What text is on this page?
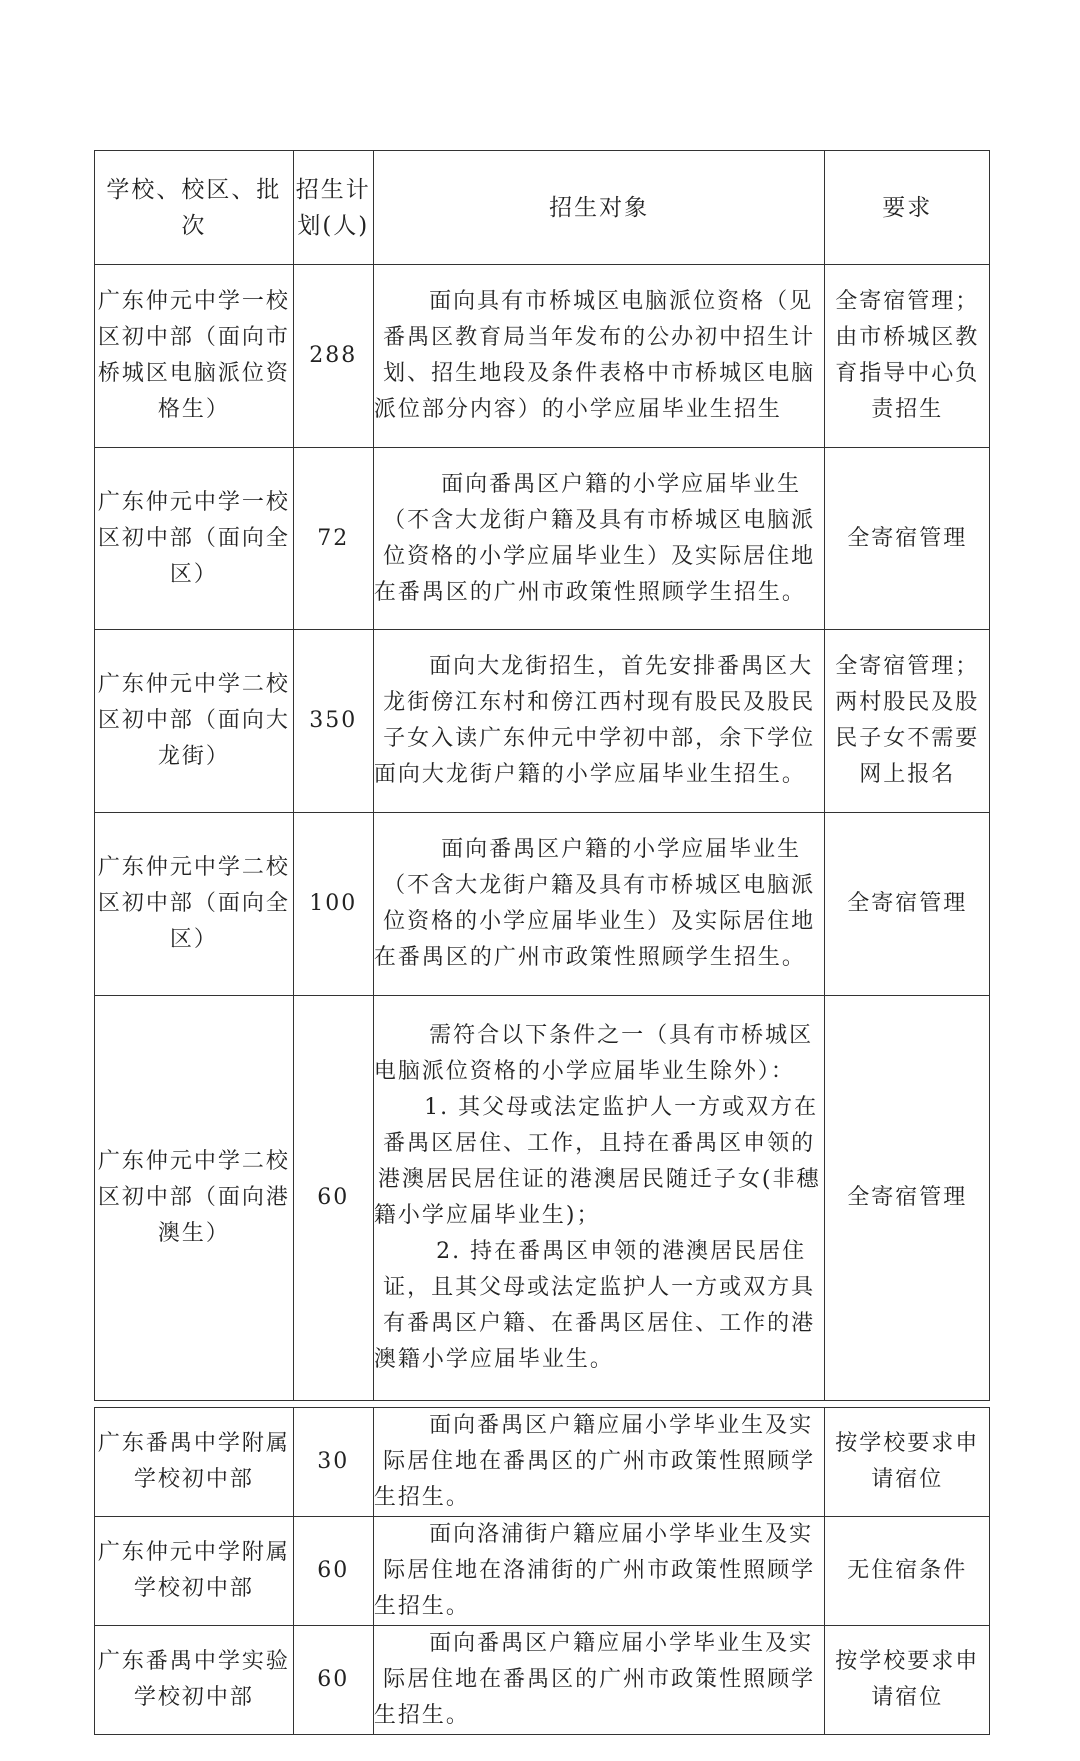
学校、校区、批次	招生计划(人)	招生对象	要求
广东仲元中学一校区初中部（面向市桥城区电脑派位资格生）	288	面向具有市桥城区电脑派位资格（见番禺区教育局当年发布的公办初中招生计划、招生地段及条件表格中市桥城区电脑派位部分内容）的小学应届毕业生招生	全寄宿管理；由市桥城区教育指导中心负责招生
广东仲元中学一校区初中部（面向全区）	72	面向番禺区户籍的小学应届毕业生（不含大龙街户籍及具有市桥城区电脑派位资格的小学应届毕业生）及实际居住地在番禺区的广州市政策性照顾学生招生。	全寄宿管理
广东仲元中学二校区初中部（面向大龙街）	350	面向大龙街招生，首先安排番禺区大龙街傍江东村和傍江西村现有股民及股民子女入读广东仲元中学初中部，余下学位面向大龙街户籍的小学应届毕业生招生。	全寄宿管理；两村股民及股民子女不需要网上报名
广东仲元中学二校区初中部（面向全区）	100	面向番禺区户籍的小学应届毕业生（不含大龙街户籍及具有市桥城区电脑派位资格的小学应届毕业生）及实际居住地在番禺区的广州市政策性照顾学生招生。	全寄宿管理
广东仲元中学二校区初中部（面向港澳生）	60	需符合以下条件之一（具有市桥城区电脑派位资格的小学应届毕业生除外）：
1. 其父母或法定监护人一方或双方在番禺区居住、工作，且持在番禺区申领的港澳居民居住证的港澳居民随迁子女(非穗籍小学应届毕业生)；
2. 持在番禺区申领的港澳居民居住证，且其父母或法定监护人一方或双方具有番禺区户籍、在番禺区居住、工作的港澳籍小学应届毕业生。	全寄宿管理

广东番禺中学附属学校初中部	30	面向番禺区户籍应届小学毕业生及实际居住地在番禺区的广州市政策性照顾学生招生。	按学校要求申请宿位
广东仲元中学附属学校初中部	60	面向洛浦街户籍应届小学毕业生及实际居住地在洛浦街的广州市政策性照顾学生招生。	无住宿条件
广东番禺中学实验学校初中部	60	面向番禺区户籍应届小学毕业生及实际居住地在番禺区的广州市政策性照顾学生招生。	按学校要求申请宿位
